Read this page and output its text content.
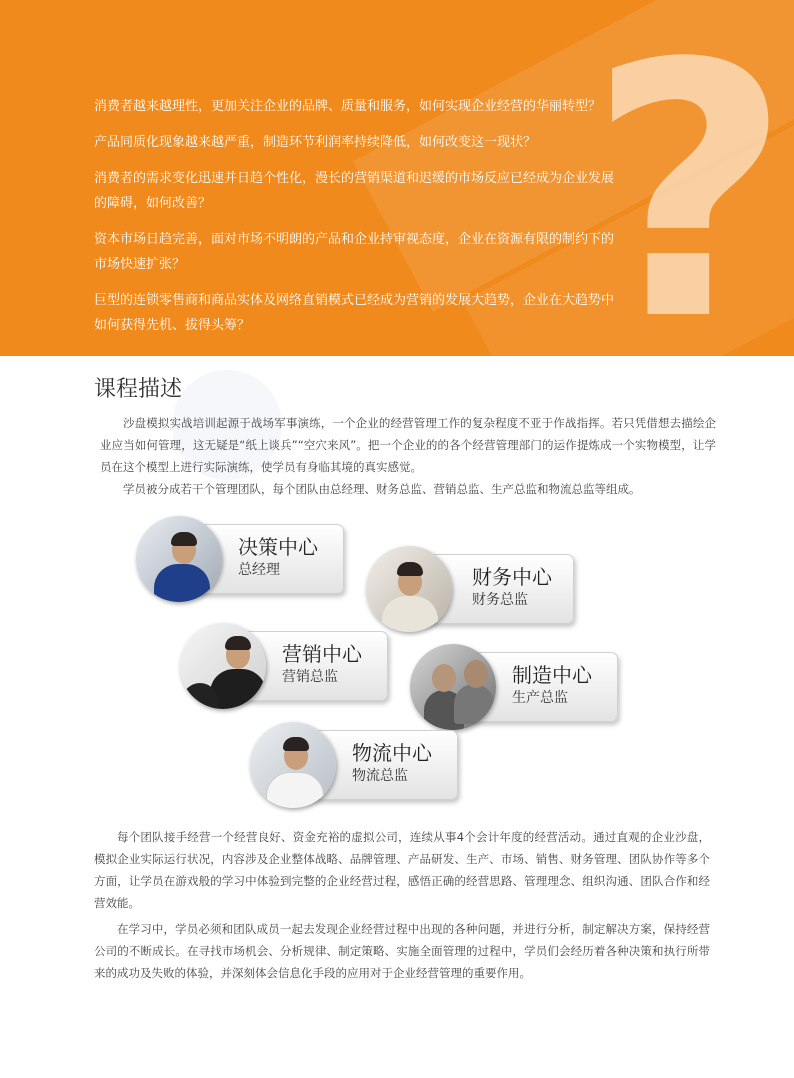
?

消费者越来越理性，更加关注企业的品牌、质量和服务，如何实现企业经营的华丽转型？

产品同质化现象越来越严重，制造环节利润率持续降低，如何改变这一现状？

消费者的需求变化迅速并日趋个性化，漫长的营销渠道和迟缓的市场反应已经成为企业发展的障碍，如何改善？

资本市场日趋完善，面对市场不明朗的产品和企业持审视态度，企业在资源有限的制约下的市场快速扩张？

巨型的连锁零售商和商品实体及网络直销模式已经成为营销的发展大趋势，企业在大趋势中如何获得先机、拔得头筹？

课程描述

沙盘模拟实战培训起源于战场军事演练，一个企业的经营管理工作的复杂程度不亚于作战指挥。若只凭借想去描绘企业应当如何管理，这无疑是“纸上谈兵”“空穴来风”。把一个企业的的各个经营管理部门的运作提炼成一个实物模型，让学员在这个模型上进行实际演练，使学员有身临其境的真实感觉。

学员被分成若干个管理团队，每个团队由总经理、财务总监、营销总监、生产总监和物流总监等组成。

决策中心
总经理	财务中心
财务总监
营销中心
营销总监	制造中心
生产总监
物流中心
物流总监

每个团队接手经营一个经营良好、资金充裕的虚拟公司，连续从事4个会计年度的经营活动。通过直观的企业沙盘，模拟企业实际运行状况，内容涉及企业整体战略、品牌管理、产品研发、生产、市场、销售、财务管理、团队协作等多个方面，让学员在游戏般的学习中体验到完整的企业经营过程，感悟正确的经营思路、管理理念、组织沟通、团队合作和经营效能。

在学习中，学员必须和团队成员一起去发现企业经营过程中出现的各种问题，并进行分析，制定解决方案，保持经营公司的不断成长。在寻找市场机会、分析规律、制定策略、实施全面管理的过程中，学员们会经历着各种决策和执行所带来的成功及失败的体验，并深刻体会信息化手段的应用对于企业经营管理的重要作用。
